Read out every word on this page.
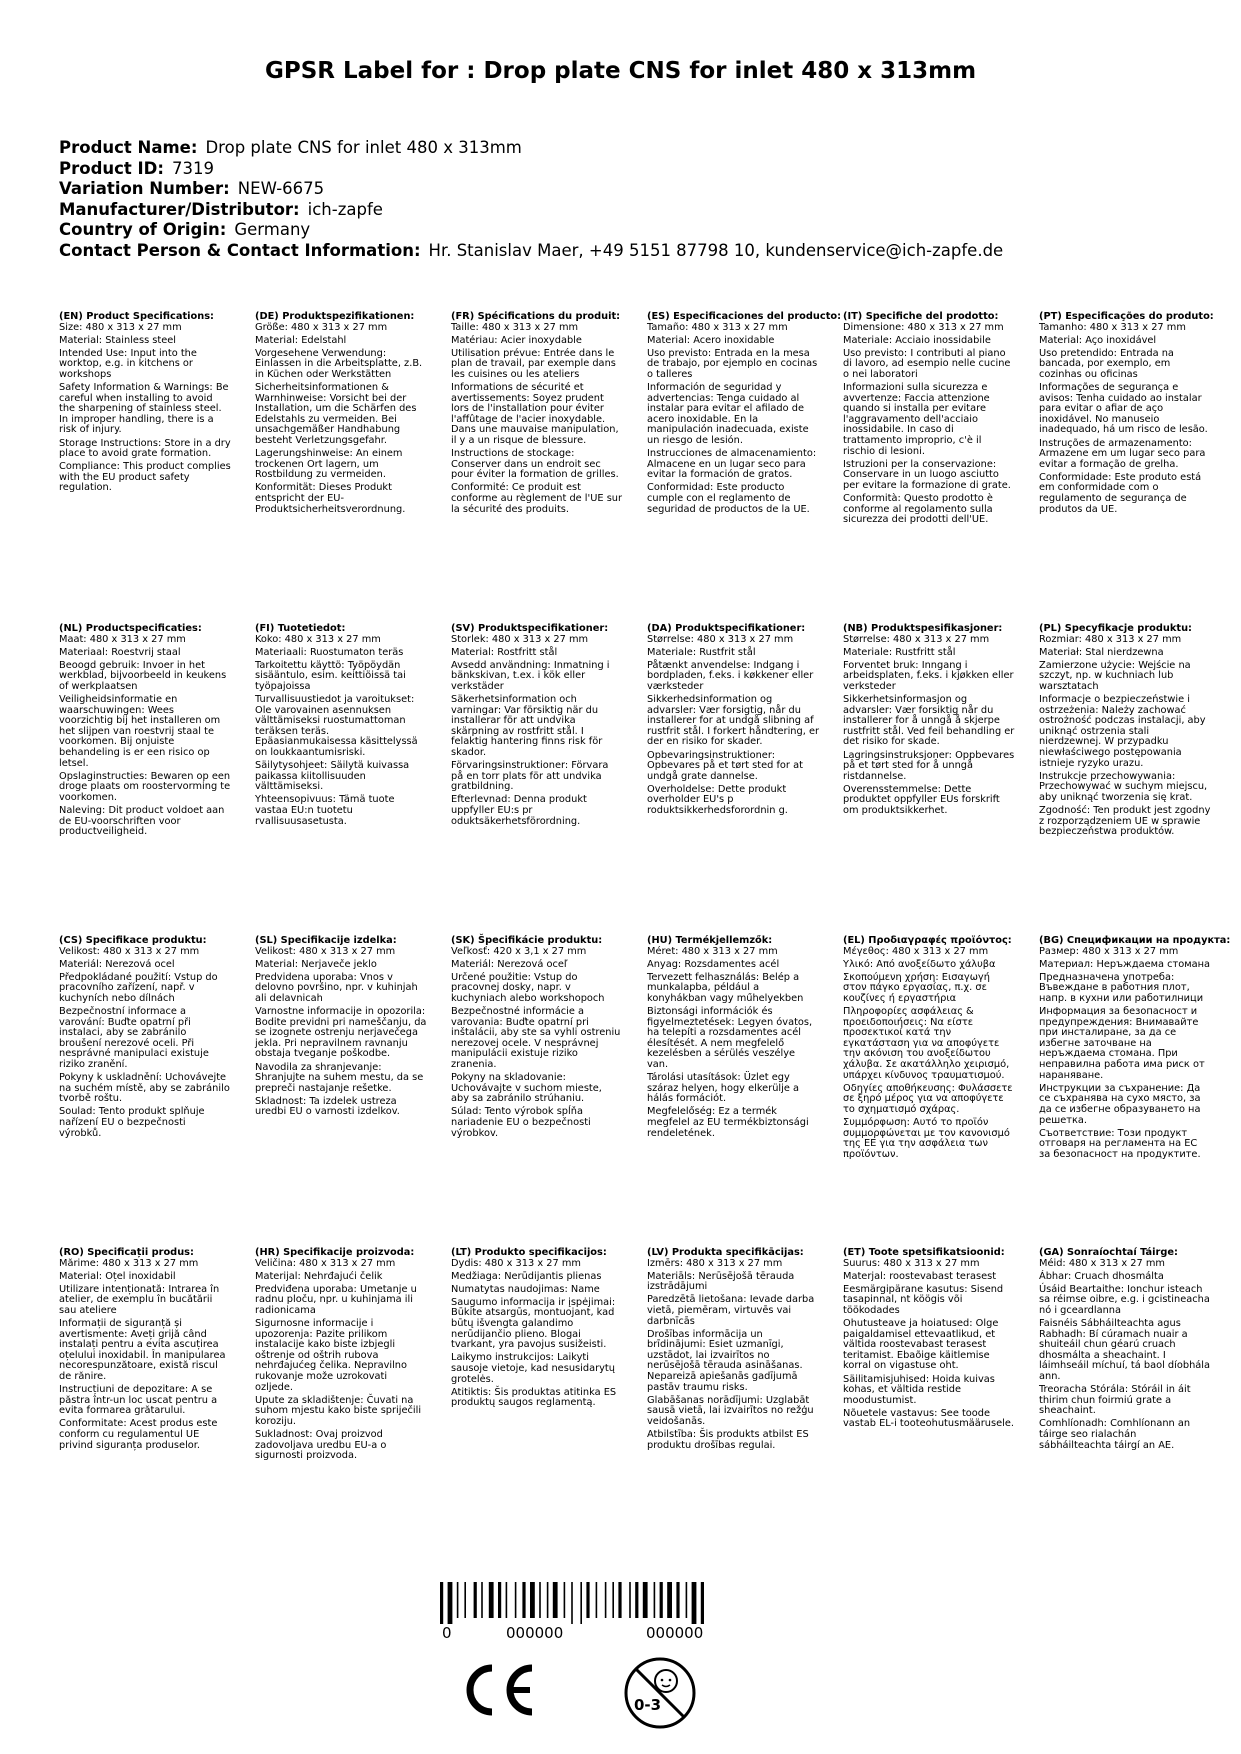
GPSR Label for : Drop plate CNS for inlet 480 x 313mm
Product Name: Drop plate CNS for inlet 480 x 313mm
Product ID: 7319
Variation Number: NEW-6675
Manufacturer/Distributor: ich-zapfe
Country of Origin: Germany
Contact Person & Contact Information: Hr. Stanislav Maer, +49 5151 87798 10, kundenservice@ich-zapfe.de
(EN) Product Specifications:
Size: 480 x 313 x 27 mm
Material: Stainless steel
Intended Use: Input into the worktop, e.g. in kitchens or workshops
Safety Information & Warnings: Be careful when installing to avoid the sharpening of stainless steel. In improper handling, there is a risk of injury.
Storage Instructions: Store in a dry place to avoid grate formation.
Compliance: This product complies with the EU product safety regulation.
(DE) Produktspezifikationen:
Größe: 480 x 313 x 27 mm
Material: Edelstahl
Vorgesehene Verwendung: Einlassen in die Arbeitsplatte, z.B. in Küchen oder Werkstätten
Sicherheitsinformationen & Warnhinweise: Vorsicht bei der Installation, um die Schärfen des Edelstahls zu vermeiden. Bei unsachgemäßer Handhabung besteht Verletzungsgefahr.
Lagerungshinweise: An einem trockenen Ort lagern, um Rostbildung zu vermeiden.
Konformität: Dieses Produkt entspricht der EU-Produktsicherheitsverordnung.
(FR) Spécifications du produit:
Taille: 480 x 313 x 27 mm
Matériau: Acier inoxydable
Utilisation prévue: Entrée dans le plan de travail, par exemple dans les cuisines ou les ateliers
Informations de sécurité et avertissements: Soyez prudent lors de l'installation pour éviter l'affûtage de l'acier inoxydable. Dans une mauvaise manipulation, il y a un risque de blessure.
Instructions de stockage: Conserver dans un endroit sec pour éviter la formation de grilles.
Conformité: Ce produit est conforme au règlement de l'UE sur la sécurité des produits.
(ES) Especificaciones del producto:
Tamaño: 480 x 313 x 27 mm
Material: Acero inoxidable
Uso previsto: Entrada en la mesa de trabajo, por ejemplo en cocinas o talleres
Información de seguridad y advertencias: Tenga cuidado al instalar para evitar el afilado de acero inoxidable. En la manipulación inadecuada, existe un riesgo de lesión.
Instrucciones de almacenamiento: Almacene en un lugar seco para evitar la formación de gratos.
Conformidad: Este producto cumple con el reglamento de seguridad de productos de la UE.
(IT) Specifiche del prodotto:
Dimensione: 480 x 313 x 27 mm
Materiale: Acciaio inossidabile
Uso previsto: I contributi al piano di lavoro, ad esempio nelle cucine o nei laboratori
Informazioni sulla sicurezza e avvertenze: Faccia attenzione quando si installa per evitare l'aggravamento dell'acciaio inossidabile. In caso di trattamento improprio, c'è il rischio di lesioni.
Istruzioni per la conservazione: Conservare in un luogo asciutto per evitare la formazione di grate.
Conformità: Questo prodotto è conforme al regolamento sulla sicurezza dei prodotti dell'UE.
(PT) Especificações do produto:
Tamanho: 480 x 313 x 27 mm
Material: Aço inoxidável
Uso pretendido: Entrada na bancada, por exemplo, em cozinhas ou oficinas
Informações de segurança e avisos: Tenha cuidado ao instalar para evitar o afiar de aço inoxidável. No manuseio inadequado, há um risco de lesão.
Instruções de armazenamento: Armazene em um lugar seco para evitar a formação de grelha.
Conformidade: Este produto está em conformidade com o regulamento de segurança de produtos da UE.
(NL) Productspecificaties:
Maat: 480 x 313 x 27 mm
Materiaal: Roestvrij staal
Beoogd gebruik: Invoer in het werkblad, bijvoorbeeld in keukens of werkplaatsen
Veiligheidsinformatie en waarschuwingen: Wees voorzichtig bij het installeren om het slijpen van roestvrij staal te voorkomen. Bij onjuiste behandeling is er een risico op letsel.
Opslaginstructies: Bewaren op een droge plaats om roostervorming te voorkomen.
Naleving: Dit product voldoet aan de EU-voorschriften voor productveiligheid.
(FI) Tuotetiedot:
Koko: 480 x 313 x 27 mm
Materiaali: Ruostumaton teräs
Tarkoitettu käyttö: Työpöydän sisääntulo, esim. keittiöissä tai työpajoissa
Turvallisuustiedot ja varoitukset: Ole varovainen asennuksen välttämiseksi ruostumattoman teräksen teräs. Epäasianmukaisessa käsittelyssä on loukkaantumisriski.
Säilytysohjeet: Säilytä kuivassa paikassa kiitollisuuden välttämiseksi.
Yhteensopivuus: Tämä tuote vastaa EU:n tuotetu rvallisuusasetusta.
(SV) Produktspecifikationer:
Storlek: 480 x 313 x 27 mm
Material: Rostfritt stål
Avsedd användning: Inmatning i bänkskivan, t.ex. i kök eller verkstäder
Säkerhetsinformation och varningar: Var försiktig när du installerar för att undvika skärpning av rostfritt stål. I felaktig hantering finns risk för skador.
Förvaringsinstruktioner: Förvara på en torr plats för att undvika gratbildning.
Efterlevnad: Denna produkt uppfyller EU:s pr oduktsäkerhetsförordning.
(DA) Produktspecifikationer:
Størrelse: 480 x 313 x 27 mm
Materiale: Rustfrit stål
Påtænkt anvendelse: Indgang i bordpladen, f.eks. i køkkener eller værksteder
Sikkerhedsinformation og advarsler: Vær forsigtig, når du installerer for at undgå slibning af rustfrit stål. I forkert håndtering, er der en risiko for skader.
Opbevaringsinstruktioner: Opbevares på et tørt sted for at undgå grate dannelse.
Overholdelse: Dette produkt overholder EU's p roduktsikkerhedsforordnin g.
(NB) Produktspesifikasjoner:
Størrelse: 480 x 313 x 27 mm
Materiale: Rustfritt stål
Forventet bruk: Inngang i arbeidsplaten, f.eks. i kjøkken eller verksteder
Sikkerhetsinformasjon og advarsler: Vær forsiktig når du installerer for å unngå å skjerpe rustfritt stål. Ved feil behandling er det risiko for skade.
Lagringsinstruksjoner: Oppbevares på et tørt sted for å unngå ristdannelse.
Overensstemmelse: Dette produktet oppfyller EUs forskrift om produktsikkerhet.
(PL) Specyfikacje produktu:
Rozmiar: 480 x 313 x 27 mm
Materiał: Stal nierdzewna
Zamierzone użycie: Wejście na szczyt, np. w kuchniach lub warsztatach
Informacje o bezpieczeństwie i ostrzeżenia: Należy zachować ostrożność podczas instalacji, aby uniknąć ostrzenia stali nierdzewnej. W przypadku niewłaściwego postępowania istnieje ryzyko urazu.
Instrukcje przechowywania: Przechowywać w suchym miejscu, aby uniknąć tworzenia się krat.
Zgodność: Ten produkt jest zgodny z rozporządzeniem UE w sprawie bezpieczeństwa produktów.
(CS) Specifikace produktu:
Velikost: 480 x 313 x 27 mm
Materiál: Nerezová ocel
Předpokládané použití: Vstup do pracovního zařízení, např. v kuchyních nebo dílnách
Bezpečnostní informace a varování: Buďte opatrní při instalaci, aby se zabránilo broušení nerezové oceli. Při nesprávné manipulaci existuje riziko zranění.
Pokyny k uskladnění: Uchovávejte na suchém místě, aby se zabránilo tvorbě roštu.
Soulad: Tento produkt splňuje nařízení EU o bezpečnosti výrobků.
(SL) Specifikacije izdelka:
Velikost: 480 x 313 x 27 mm
Material: Nerjaveče jeklo
Predvidena uporaba: Vnos v delovno površino, npr. v kuhinjah ali delavnicah
Varnostne informacije in opozorila: Bodite previdni pri nameščanju, da se izognete ostrenju nerjavečega jekla. Pri nepravilnem ravnanju obstaja tveganje poškodbe.
Navodila za shranjevanje: Shranjujte na suhem mestu, da se prepreči nastajanje rešetke.
Skladnost: Ta izdelek ustreza uredbi EU o varnosti izdelkov.
(SK) Špecifikácie produktu:
Veľkosť: 420 x 3,1 x 27 mm
Materiál: Nerezová oceľ
Určené použitie: Vstup do pracovnej dosky, napr. v kuchyniach alebo workshopoch
Bezpečnostné informácie a varovania: Buďte opatrní pri inštalácii, aby ste sa vyhli ostreniu nerezovej ocele. V nesprávnej manipulácii existuje riziko zranenia.
Pokyny na skladovanie: Uchovávajte v suchom mieste, aby sa zabránilo strúhaniu.
Súlad: Tento výrobok spĺňa nariadenie EU o bezpečnosti výrobkov.
(HU) Termékjellemzők:
Méret: 480 x 313 x 27 mm
Anyag: Rozsdamentes acél
Tervezett felhasználás: Belép a munkalapba, például a konyhákban vagy műhelyekben
Biztonsági információk és figyelmeztetések: Legyen óvatos, ha telepíti a rozsdamentes acél élesítését. A nem megfelelő kezelésben a sérülés veszélye van.
Tárolási utasítások: Üzlet egy száraz helyen, hogy elkerülje a hálás formációt.
Megfelelőség: Ez a termék megfelel az EU termékbiztonsági rendeletének.
(EL) Προδιαγραφές προϊόντος:
Μέγεθος: 480 x 313 x 27 mm
Υλικό: Από ανοξείδωτο χάλυβα
Σκοπούμενη χρήση: Εισαγωγή στον πάγκο εργασίας, π.χ. σε κουζίνες ή εργαστήρια
Πληροφορίες ασφάλειας & προειδοποιήσεις: Να είστε προσεκτικοί κατά την εγκατάσταση για να αποφύγετε την ακόνιση του ανοξείδωτου χάλυβα. Σε ακατάλληλο χειρισμό, υπάρχει κίνδυνος τραυματισμού.
Οδηγίες αποθήκευσης: Φυλάσσετε σε ξηρό μέρος για να αποφύγετε το σχηματισμό σχάρας.
Συμμόρφωση: Αυτό το προϊόν συμμορφώνεται με τον κανονισμό της ΕΕ για την ασφάλεια των προϊόντων.
(BG) Спецификации на продукта:
Размер: 480 x 313 x 27 mm
Материал: Неръждаема стомана
Предназначена употреба: Въвеждане в работния плот, напр. в кухни или работилници
Информация за безопасност и предупреждения: Внимавайте при инсталиране, за да се избегне заточване на неръждаема стомана. При неправилна работа има риск от нараняване.
Инструкции за съхранение: Да се съхранява на сухо място, за да се избегне образуването на решетка.
Съответствие: Този продукт отговаря на регламента на ЕС за безопасност на продуктите.
(RO) Specificații produs:
Mărime: 480 x 313 x 27 mm
Material: Oțel inoxidabil
Utilizare intenționată: Intrarea în atelier, de exemplu în bucătării sau ateliere
Informații de siguranță și avertismente: Aveți grijă când instalați pentru a evita ascuțirea oțelului inoxidabil. În manipularea necorespunzătoare, există riscul de rănire.
Instrucțiuni de depozitare: A se păstra într-un loc uscat pentru a evita formarea grătarului.
Conformitate: Acest produs este conform cu regulamentul UE privind siguranța produselor.
(HR) Specifikacije proizvoda:
Veličina: 480 x 313 x 27 mm
Materijal: Nehrđajući čelik
Predviđena uporaba: Umetanje u radnu ploču, npr. u kuhinjama ili radionicama
Sigurnosne informacije i upozorenja: Pazite prilikom instalacije kako biste izbjegli oštrenje od oštrih rubova nehrđajućeg čelika. Nepravilno rukovanje može uzrokovati ozljede.
Upute za skladištenje: Čuvati na suhom mjestu kako biste spriječili koroziju.
Sukladnost: Ovaj proizvod zadovoljava uredbu EU-a o sigurnosti proizvoda.
(LT) Produkto specifikacijos:
Dydis: 480 x 313 x 27 mm
Medžiaga: Nerūdijantis plienas
Numatytas naudojimas: Name
Saugumo informacija ir įspėjimai: Būkite atsargūs, montuojant, kad būtų išvengta galandimo nerūdijančio plieno. Blogai tvarkant, yra pavojus susižeisti.
Laikymo instrukcijos: Laikyti sausoje vietoje, kad nesusidarytų grotelės.
Atitiktis: Šis produktas atitinka ES produktų saugos reglamentą.
(LV) Produkta specifikācijas:
Izmērs: 480 x 313 x 27 mm
Materiāls: Nerūsējošā tērauda izstrādājumi
Paredzētā lietošana: Ievade darba vietā, piemēram, virtuvēs vai darbnīcās
Drošības informācija un brīdinājumi: Esiet uzmanīgi, uzstādot, lai izvairītos no nerūsējošā tērauda asināšanas. Nepareizā apiešanās gadījumā pastāv traumu risks.
Glabāšanas norādījumi: Uzglabāt sausā vietā, lai izvairītos no režģu veidošanās.
Atbilstība: Šis produkts atbilst ES produktu drošības regulai.
(ET) Toote spetsifikatsioonid:
Suurus: 480 x 313 x 27 mm
Materjal: roostevabast terasest
Eesmärgipärane kasutus: Sisend tasapinnal, nt köögis või töökodades
Ohutusteave ja hoiatused: Olge paigaldamisel ettevaatlikud, et vältida roostevabast terasest teritamist. Ebaõige käitlemise korral on vigastuse oht.
Säilitamisjuhised: Hoida kuivas kohas, et vältida restide moodustumist.
Nõuetele vastavus: See toode vastab EL-i tooteohutusmäärusele.
(GA) Sonraíochtaí Táirge:
Méid: 480 x 313 x 27 mm
Ábhar: Cruach dhosmálta
Úsáid Beartaithe: Ionchur isteach sa réimse oibre, e.g. i gcistineacha nó i gceardlanna
Faisnéis Sábháilteachta agus Rabhadh: Bí cúramach nuair a shuiteáil chun géarú cruach dhosmálta a sheachaint. I láimhseáil míchuí, tá baol díobhála ann.
Treoracha Stórála: Stóráil in áit thirim chun foirmiú grate a sheachaint.
Comhlíonadh: Comhlíonann an táirge seo rialachán sábháilteachta táirgí an AE.
0	000000	000000
0-3
